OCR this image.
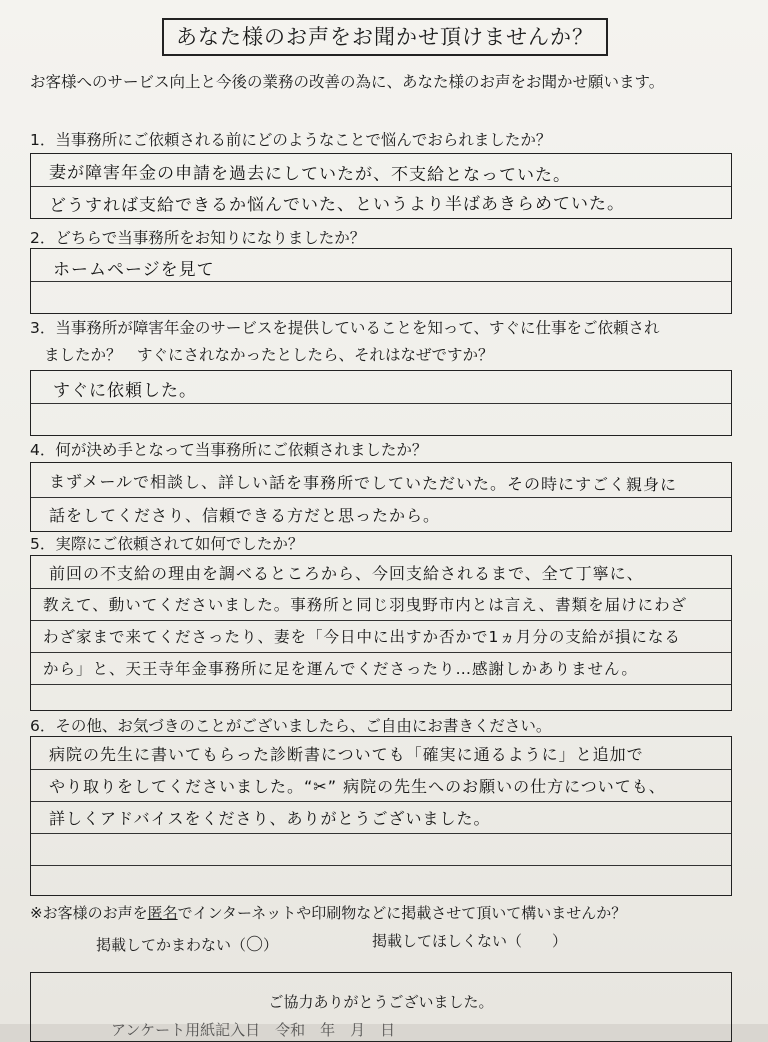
あなた様のお声をお聞かせ頂けませんか？
お客様へのサービス向上と今後の業務の改善の為に、あなた様のお声をお聞かせ願います。
1．当事務所にご依頼される前にどのようなことで悩んでおられましたか？
妻が障害年金の申請を過去にしていたが、不支給となっていた。
どうすれば支給できるか悩んでいた、というより半ばあきらめていた。
2．どちらで当事務所をお知りになりましたか？
ホームページを見て
3．当事務所が障害年金のサービスを提供していることを知って、すぐに仕事をご依頼され
ましたか？　すぐにされなかったとしたら、それはなぜですか？
すぐに依頼した。
4．何が決め手となって当事務所にご依頼されましたか？
まずメールで相談し、詳しい話を事務所でしていただいた。その時にすごく親身に
話をしてくださり、信頼できる方だと思ったから。
5．実際にご依頼されて如何でしたか？
前回の不支給の理由を調べるところから、今回支給されるまで、全て丁寧に、
教えて、動いてくださいました。事務所と同じ羽曳野市内とは言え、書類を届けにわざ
わざ家まで来てくださったり、妻を「今日中に出すか否かで1ヵ月分の支給が損になる
から」と、天王寺年金事務所に足を運んでくださったり…感謝しかありません。
6．その他、お気づきのことがございましたら、ご自由にお書きください。
病院の先生に書いてもらった診断書についても「確実に通るように」と追加で
やり取りをしてくださいました。“✂” 病院の先生へのお願いの仕方についても、
詳しくアドバイスをくださり、ありがとうございました。
※お客様のお声を匿名でインターネットや印刷物などに掲載させて頂いて構いませんか？
掲載してかまわない（〇）	掲載してほしくない（　　）
ご協力ありがとうございました。
アンケート用紙記入日　令和　年　月　日
